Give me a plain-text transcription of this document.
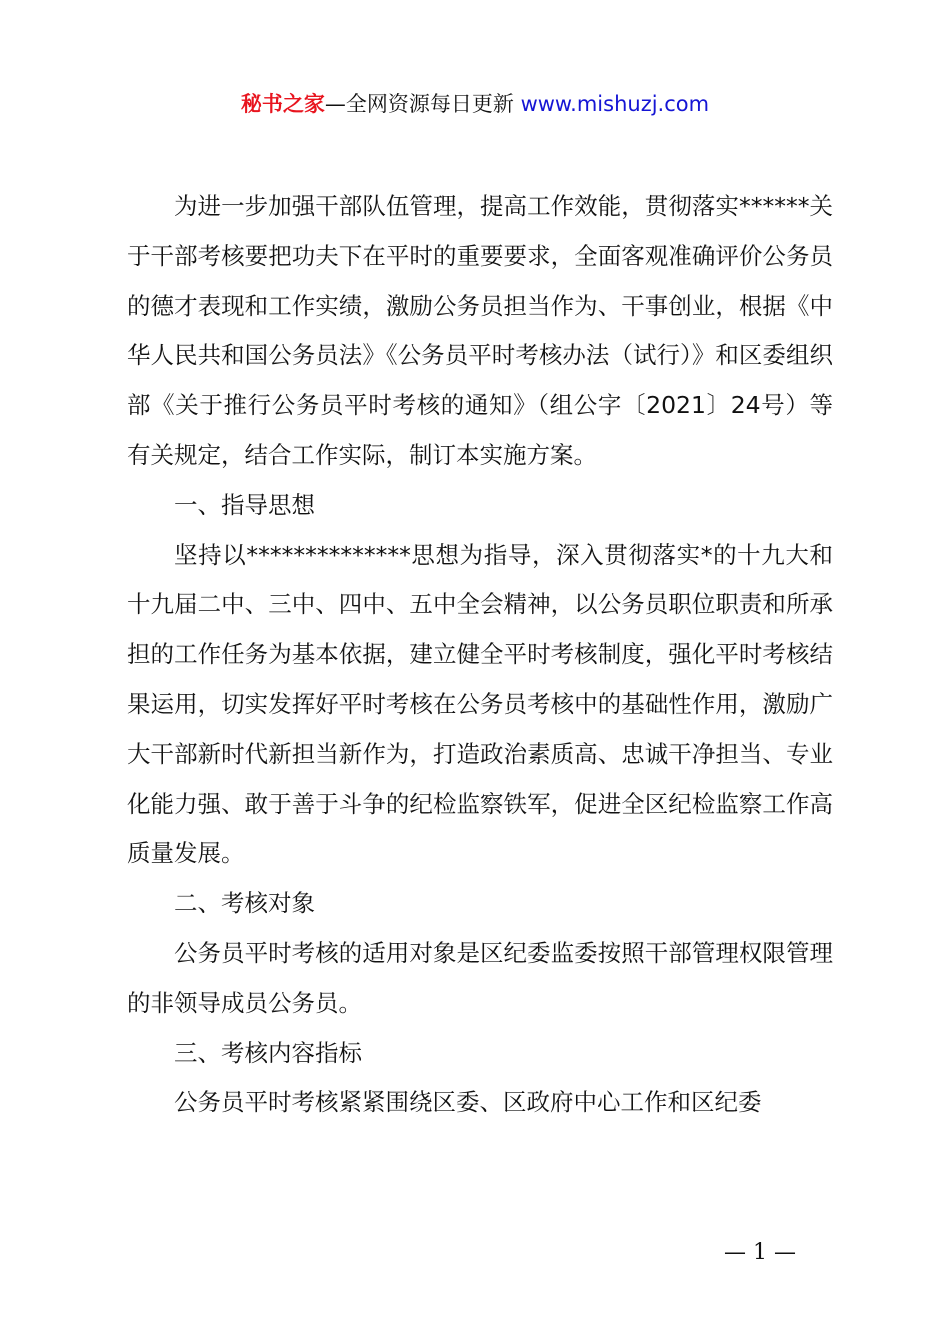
秘书之家—全网资源每日更新 www.mishuzj.com

为进一步加强干部队伍管理，提高工作效能，贯彻落实******关于干部考核要把功夫下在平时的重要要求，全面客观准确评价公务员的德才表现和工作实绩，激励公务员担当作为、干事创业，根据《中华人民共和国公务员法》《公务员平时考核办法（试行）》和区委组织部《关于推行公务员平时考核的通知》（组公字〔2021〕24号）等有关规定，结合工作实际，制订本实施方案。

一、指导思想

坚持以**************思想为指导，深入贯彻落实*的十九大和十九届二中、三中、四中、五中全会精神，以公务员职位职责和所承担的工作任务为基本依据，建立健全平时考核制度，强化平时考核结果运用，切实发挥好平时考核在公务员考核中的基础性作用，激励广大干部新时代新担当新作为，打造政治素质高、忠诚干净担当、专业化能力强、敢于善于斗争的纪检监察铁军，促进全区纪检监察工作高质量发展。

二、考核对象

公务员平时考核的适用对象是区纪委监委按照干部管理权限管理的非领导成员公务员。

三、考核内容指标

公务员平时考核紧紧围绕区委、区政府中心工作和区纪委

— 1 —
